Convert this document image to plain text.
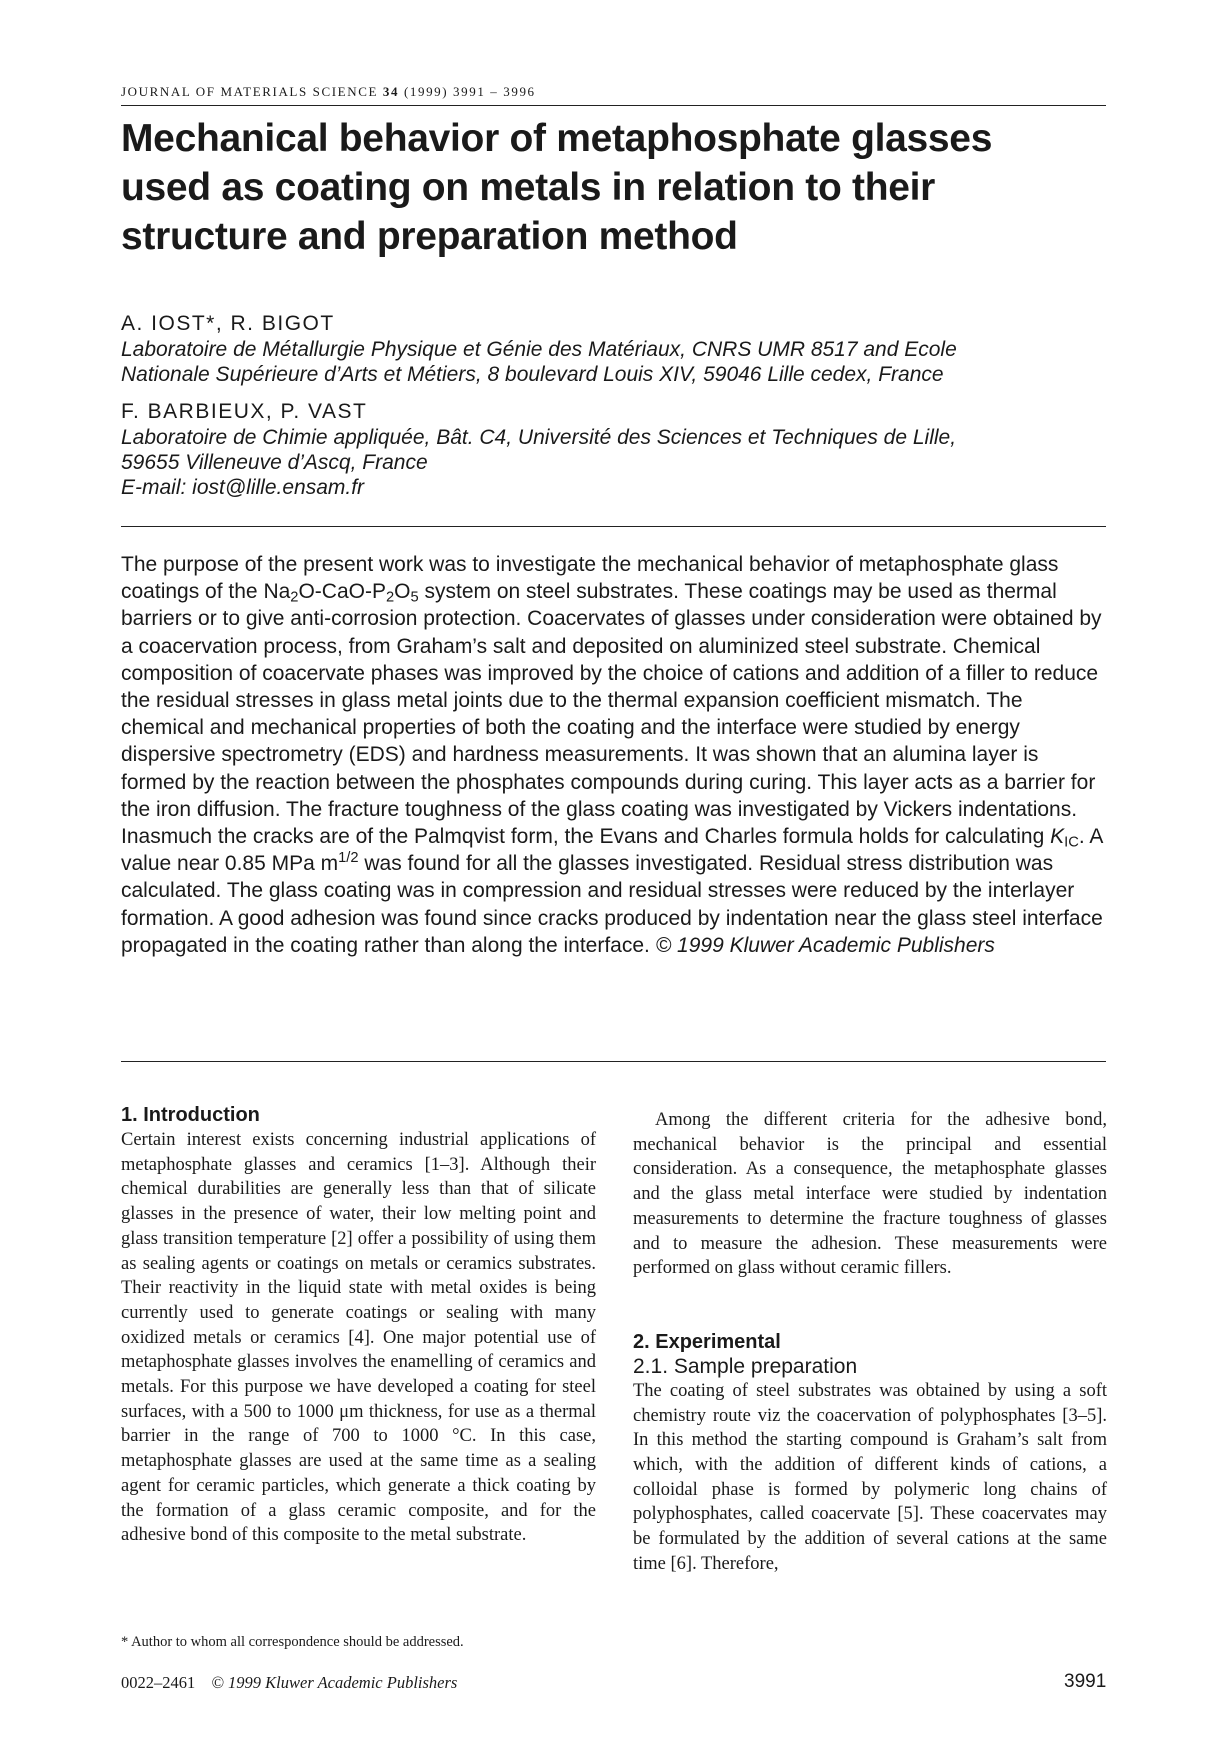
JOURNAL OF MATERIALS SCIENCE 34 (1999) 3991 – 3996
Mechanical behavior of metaphosphate glasses
used as coating on metals in relation to their
structure and preparation method
A. IOST*, R. BIGOT
Laboratoire de Métallurgie Physique et Génie des Matériaux, CNRS UMR 8517 and Ecole
Nationale Supérieure d’Arts et Métiers, 8 boulevard Louis XIV, 59046 Lille cedex, France
F. BARBIEUX, P. VAST
Laboratoire de Chimie appliquée, Bât. C4, Université des Sciences et Techniques de Lille,
59655 Villeneuve d’Ascq, France
E-mail: iost@lille.ensam.fr
The purpose of the present work was to investigate the mechanical behavior of metaphosphate glass coatings of the $Na_2O-CaO-P_2O_5$ system on steel substrates. These coatings may be used as thermal barriers or to give anti-corrosion protection. Coacervates of glasses under consideration were obtained by a coacervation process, from Graham’s salt and deposited on aluminized steel substrate. Chemical composition of coacervate phases was improved by the choice of cations and addition of a filler to reduce the residual stresses in glass metal joints due to the thermal expansion coefficient mismatch. The chemical and mechanical properties of both the coating and the interface were studied by energy dispersive spectrometry (EDS) and hardness measurements. It was shown that an alumina layer is formed by the reaction between the phosphates compounds during curing. This layer acts as a barrier for the iron diffusion. The fracture toughness of the glass coating was investigated by Vickers indentations. Inasmuch the cracks are of the Palmqvist form, the Evans and Charles formula holds for calculating $K_{IC}$. A value near 0.85 MPa $m^{1/2}$ was found for all the glasses investigated. Residual stress distribution was calculated. The glass coating was in compression and residual stresses were reduced by the interlayer formation. A good adhesion was found since cracks produced by indentation near the glass steel interface propagated in the coating rather than along the interface. © 1999 Kluwer Academic Publishers
1. Introduction
Certain interest exists concerning industrial applications of metaphosphate glasses and ceramics [1–3]. Although their chemical durabilities are generally less than that of silicate glasses in the presence of water, their low melting point and glass transition temperature [2] offer a possibility of using them as sealing agents or coatings on metals or ceramics substrates. Their reactivity in the liquid state with metal oxides is being currently used to generate coatings or sealing with many oxidized metals or ceramics [4]. One major potential use of metaphosphate glasses involves the enamelling of ceramics and metals. For this purpose we have developed a coating for steel surfaces, with a 500 to 1000 μm thickness, for use as a thermal barrier in the range of 700 to 1000 °C. In this case, metaphosphate glasses are used at the same time as a sealing agent for ceramic particles, which generate a thick coating by the formation of a glass ceramic composite, and for the adhesive bond of this composite to the metal substrate.
Among the different criteria for the adhesive bond, mechanical behavior is the principal and essential consideration. As a consequence, the metaphosphate glasses and the glass metal interface were studied by indentation measurements to determine the fracture toughness of glasses and to measure the adhesion. These measurements were performed on glass without ceramic fillers.
2. Experimental
2.1. Sample preparation
The coating of steel substrates was obtained by using a soft chemistry route viz the coacervation of polyphosphates [3–5]. In this method the starting compound is Graham’s salt from which, with the addition of different kinds of cations, a colloidal phase is formed by polymeric long chains of polyphosphates, called coacervate [5]. These coacervates may be formulated by the addition of several cations at the same time [6]. Therefore,
* Author to whom all correspondence should be addressed.
0022–2461 © 1999 Kluwer Academic Publishers	3991
